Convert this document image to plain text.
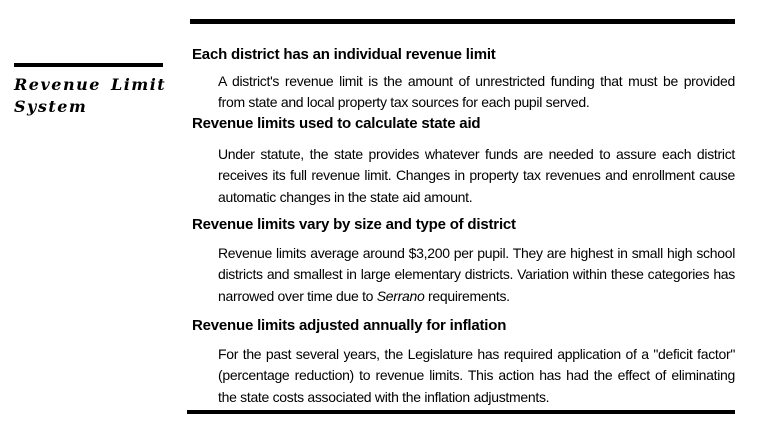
Revenue Limit
System
Each district has an individual revenue limit

A district's revenue limit is the amount of unrestricted funding that must be provided from state and local property tax sources for each pupil served.

Revenue limits used to calculate state aid

Under statute, the state provides whatever funds are needed to assure each district receives its full revenue limit. Changes in property tax revenues and enrollment cause automatic changes in the state aid amount.

Revenue limits vary by size and type of district

Revenue limits average around $3,200 per pupil. They are highest in small high school districts and smallest in large elementary districts. Variation within these categories has narrowed over time due to Serrano requirements.

Revenue limits adjusted annually for inflation

For the past several years, the Legislature has required application of a "deficit factor" (percentage reduction) to revenue limits. This action has had the effect of eliminating the state costs associated with the inflation adjustments.
